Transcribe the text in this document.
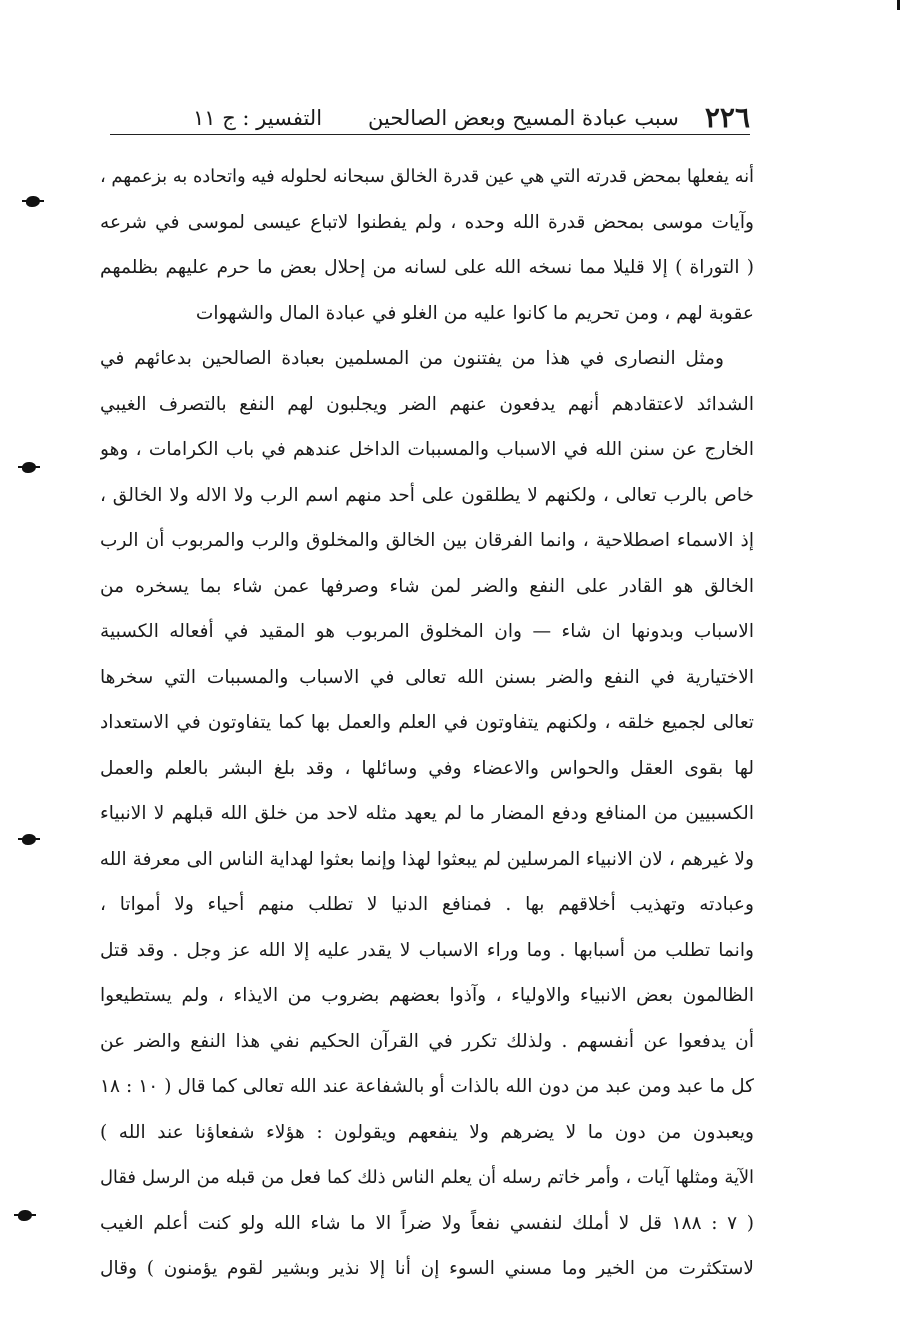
٢٢٦
سبب عبادة المسيح وبعض الصالحين
التفسير : ج ١١
أنه يفعلها بمحض قدرته التي هي عين قدرة الخالق سبحانه لحلوله فيه واتحاده به بزعمهم ،
وآيات موسى بمحض قدرة الله وحده ، ولم يفطنوا لاتباع عيسى لموسى في شرعه
( التوراة ) إلا قليلا مما نسخه الله على لسانه من إحلال بعض ما حرم عليهم بظلمهم
عقوبة لهم ، ومن تحريم ما كانوا عليه من الغلو في عبادة المال والشهوات
ومثل النصارى في هذا من يفتنون من المسلمين بعبادة الصالحين بدعائهم في
الشدائد لاعتقادهم أنهم يدفعون عنهم الضر ويجلبون لهم النفع بالتصرف الغيبي
الخارج عن سنن الله في الاسباب والمسببات الداخل عندهم في باب الكرامات ، وهو
خاص بالرب تعالى ، ولكنهم لا يطلقون على أحد منهم اسم الرب ولا الاله ولا الخالق ،
إذ الاسماء اصطلاحية ، وانما الفرقان بين الخالق والمخلوق والرب والمربوب أن الرب
الخالق هو القادر على النفع والضر لمن شاء وصرفها عمن شاء بما يسخره من
الاسباب وبدونها ان شاء — وان المخلوق المربوب هو المقيد في أفعاله الكسبية
الاختيارية في النفع والضر بسنن الله تعالى في الاسباب والمسببات التي سخرها
تعالى لجميع خلقه ، ولكنهم يتفاوتون في العلم والعمل بها كما يتفاوتون في الاستعداد
لها بقوى العقل والحواس والاعضاء وفي وسائلها ، وقد بلغ البشر بالعلم والعمل
الكسبيين من المنافع ودفع المضار ما لم يعهد مثله لاحد من خلق الله قبلهم لا الانبياء
ولا غيرهم ، لان الانبياء المرسلين لم يبعثوا لهذا وإنما بعثوا لهداية الناس الى معرفة الله
وعبادته وتهذيب أخلاقهم بها . فمنافع الدنيا لا تطلب منهم أحياء ولا أمواتا ،
وانما تطلب من أسبابها . وما وراء الاسباب لا يقدر عليه إلا الله عز وجل . وقد قتل
الظالمون بعض الانبياء والاولياء ، وآذوا بعضهم بضروب من الايذاء ، ولم يستطيعوا
أن يدفعوا عن أنفسهم . ولذلك تكرر في القرآن الحكيم نفي هذا النفع والضر عن
كل ما عبد ومن عبد من دون الله بالذات أو بالشفاعة عند الله تعالى كما قال ( ١٠ : ١٨
ويعبدون من دون ما لا يضرهم ولا ينفعهم ويقولون : هؤلاء شفعاؤنا عند الله )
الآية ومثلها آيات ، وأمر خاتم رسله أن يعلم الناس ذلك كما فعل من قبله من الرسل فقال
( ٧ : ١٨٨ قل لا أملك لنفسي نفعاً ولا ضراً الا ما شاء الله ولو كنت أعلم الغيب
لاستكثرت من الخير وما مسني السوء إن أنا إلا نذير وبشير لقوم يؤمنون ) وقال
